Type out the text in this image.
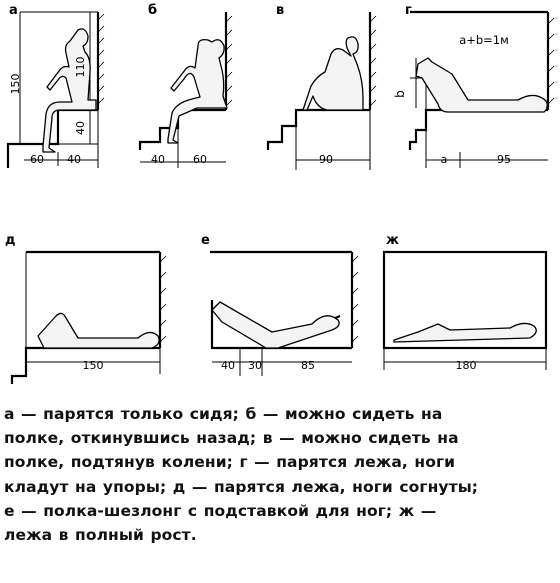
а
150
110
40
60 40
б
40	60
в
90
г
a+b=1м
b
a	95
д
150
е
40 30	85
ж
180
а — парятся только сидя; б — можно сидеть на
полке, откинувшись назад; в — можно сидеть на
полке, подтянув колени; г — парятся лежа, ноги
кладут на упоры; д — парятся лежа, ноги согнуты;
е — полка-шезлонг с подставкой для ног; ж —
лежа в полный рост.
